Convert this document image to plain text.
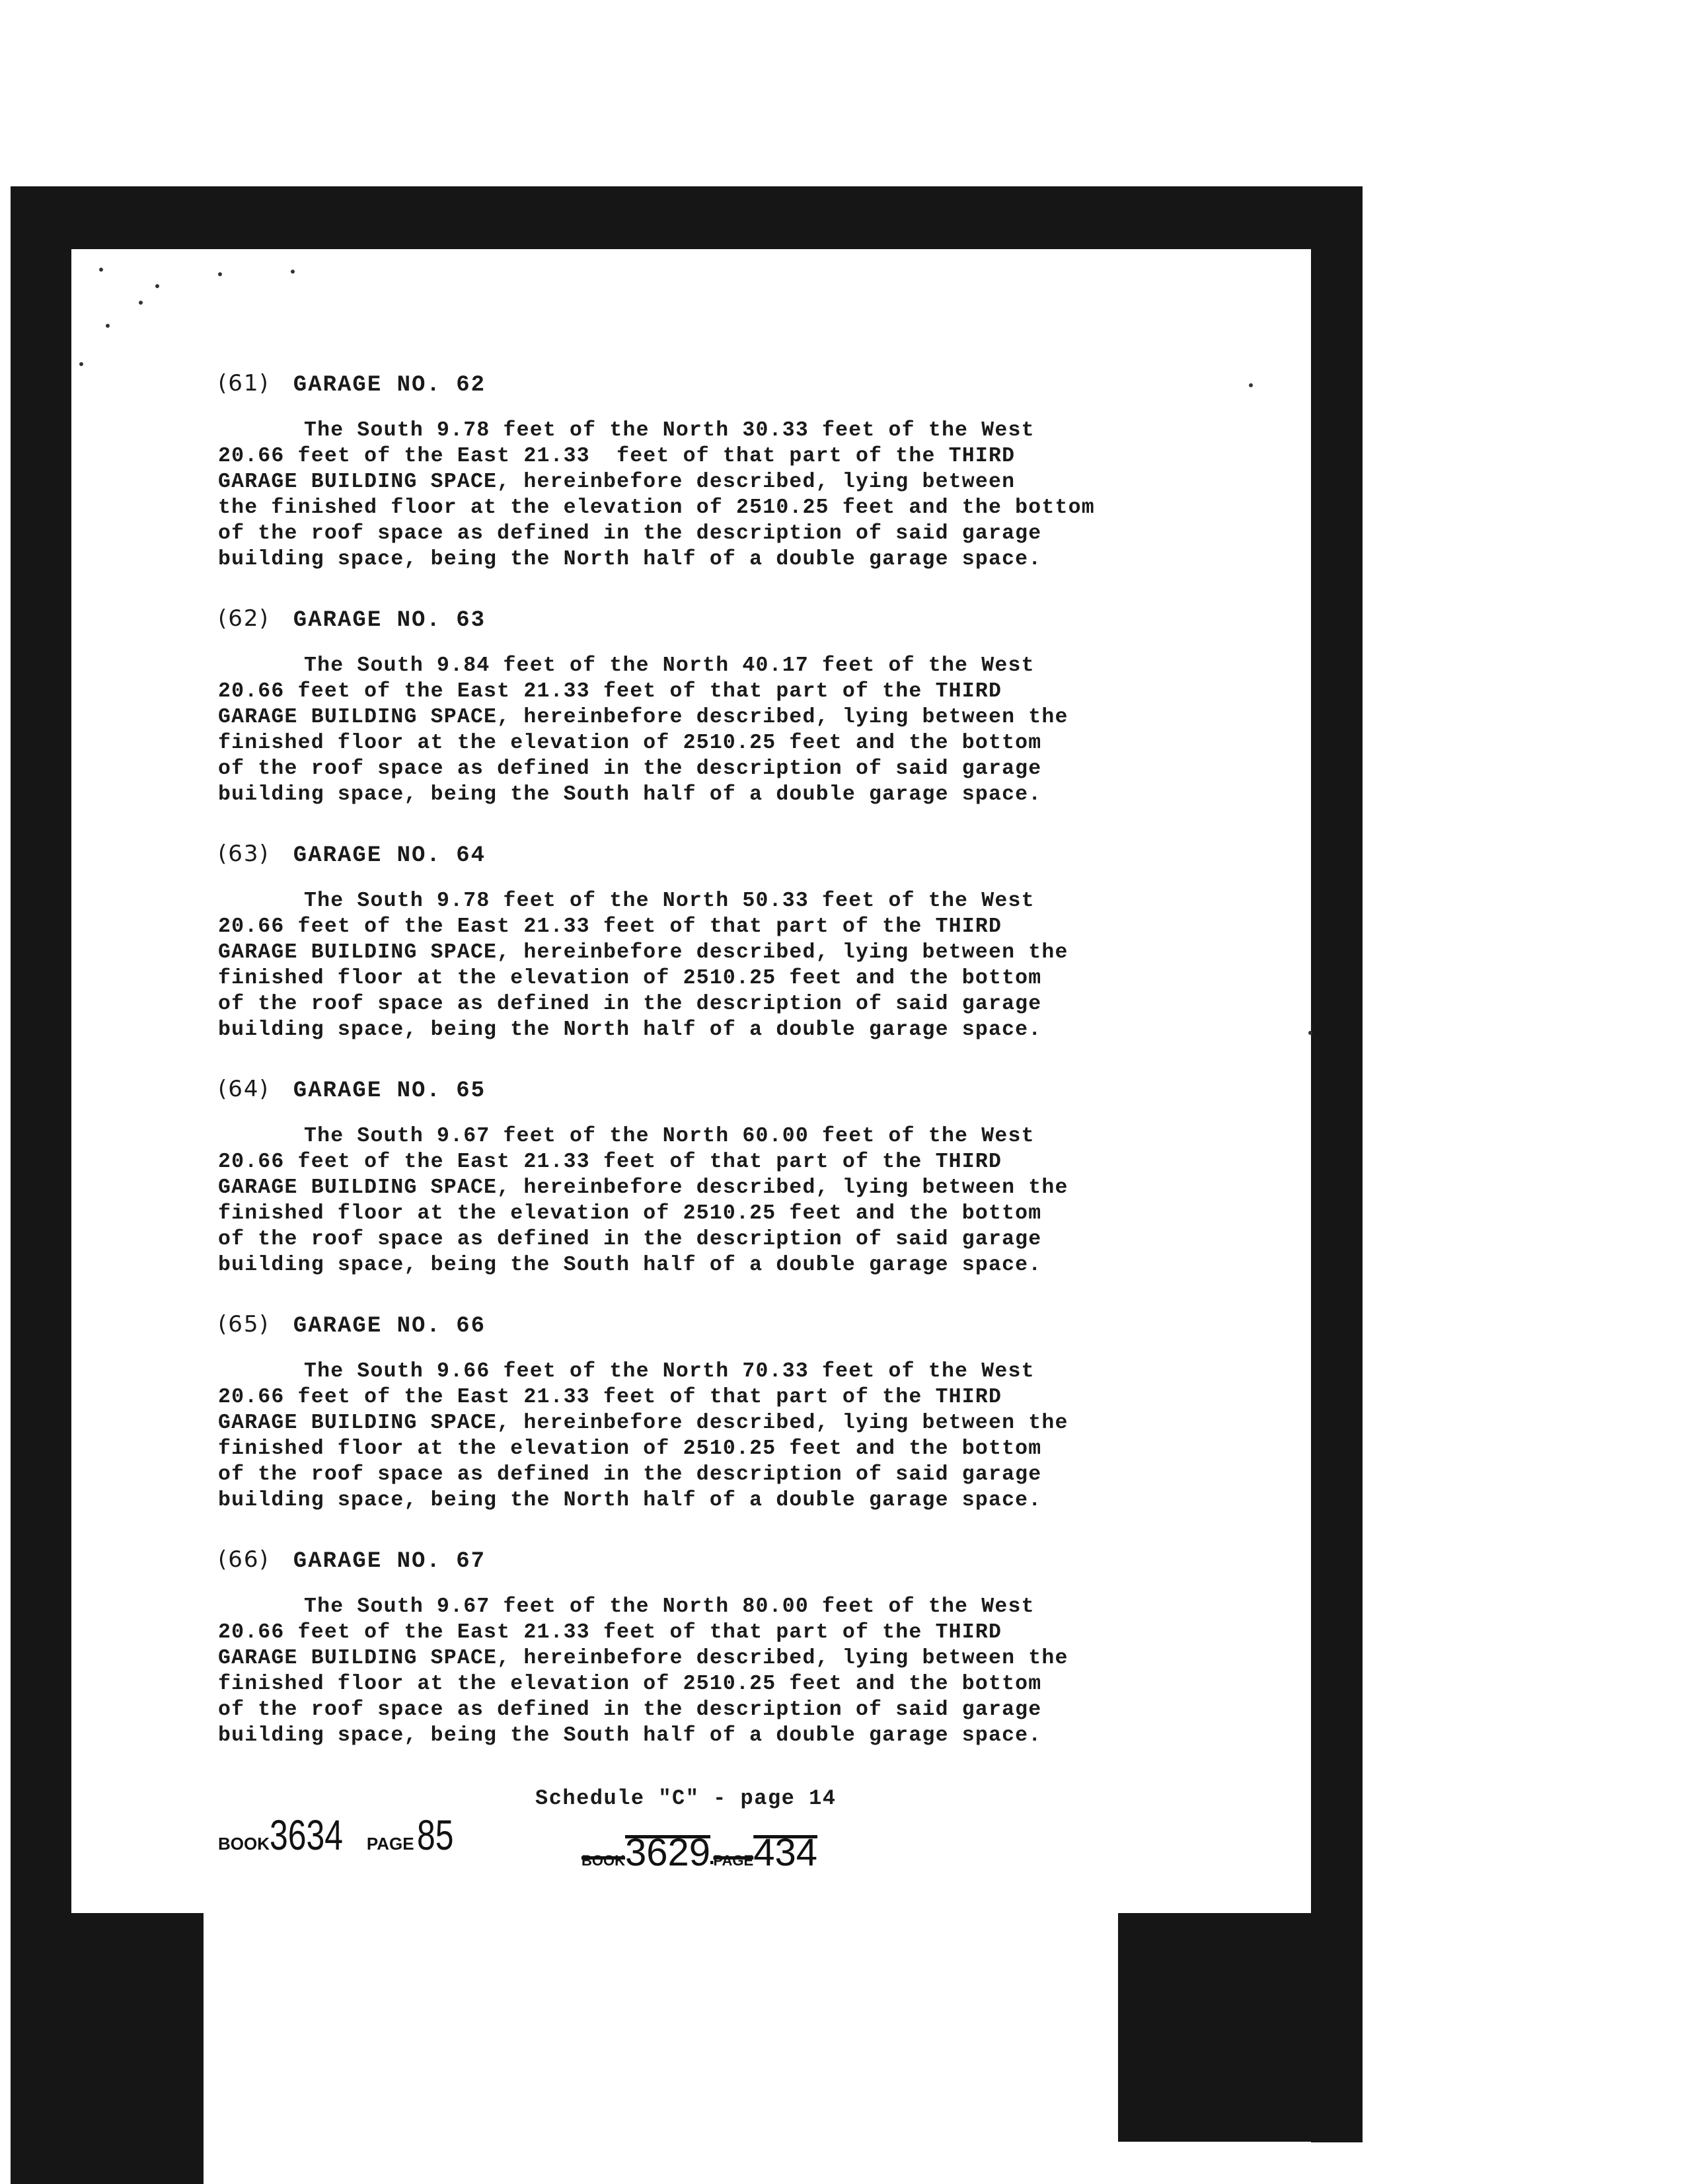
(61) GARAGE NO. 62

The South 9.78 feet of the North 30.33 feet of the West
20.66 feet of the East 21.33  feet of that part of the THIRD
GARAGE BUILDING SPACE, hereinbefore described, lying between
the finished floor at the elevation of 2510.25 feet and the bottom
of the roof space as defined in the description of said garage
building space, being the North half of a double garage space.

(62) GARAGE NO. 63

The South 9.84 feet of the North 40.17 feet of the West
20.66 feet of the East 21.33 feet of that part of the THIRD
GARAGE BUILDING SPACE, hereinbefore described, lying between the
finished floor at the elevation of 2510.25 feet and the bottom
of the roof space as defined in the description of said garage
building space, being the South half of a double garage space.

(63) GARAGE NO. 64

The South 9.78 feet of the North 50.33 feet of the West
20.66 feet of the East 21.33 feet of that part of the THIRD
GARAGE BUILDING SPACE, hereinbefore described, lying between the
finished floor at the elevation of 2510.25 feet and the bottom
of the roof space as defined in the description of said garage
building space, being the North half of a double garage space.

(64) GARAGE NO. 65

The South 9.67 feet of the North 60.00 feet of the West
20.66 feet of the East 21.33 feet of that part of the THIRD
GARAGE BUILDING SPACE, hereinbefore described, lying between the
finished floor at the elevation of 2510.25 feet and the bottom
of the roof space as defined in the description of said garage
building space, being the South half of a double garage space.

(65) GARAGE NO. 66

The South 9.66 feet of the North 70.33 feet of the West
20.66 feet of the East 21.33 feet of that part of the THIRD
GARAGE BUILDING SPACE, hereinbefore described, lying between the
finished floor at the elevation of 2510.25 feet and the bottom
of the roof space as defined in the description of said garage
building space, being the North half of a double garage space.

(66) GARAGE NO. 67

The South 9.67 feet of the North 80.00 feet of the West
20.66 feet of the East 21.33 feet of that part of the THIRD
GARAGE BUILDING SPACE, hereinbefore described, lying between the
finished floor at the elevation of 2510.25 feet and the bottom
of the roof space as defined in the description of said garage
building space, being the South half of a double garage space.

Schedule "C" - page 14
BOOK3634 PAGE 85
BOOK3629 PAGE434
